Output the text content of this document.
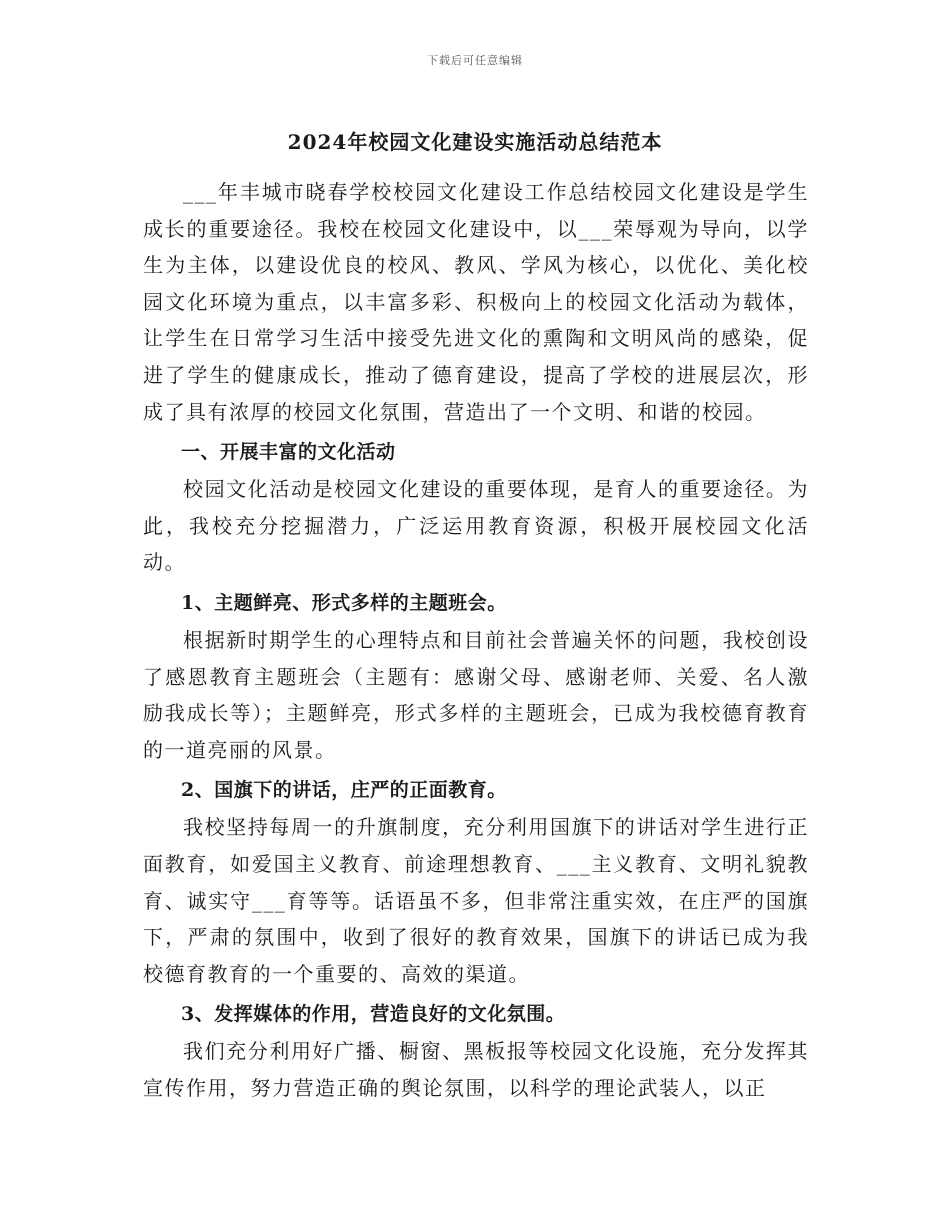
下载后可任意编辑
2024年校园文化建设实施活动总结范本

___年丰城市晓春学校校园文化建设工作总结校园文化建设是学生成长的重要途径。我校在校园文化建设中，以___荣辱观为导向，以学生为主体，以建设优良的校风、教风、学风为核心，以优化、美化校园文化环境为重点，以丰富多彩、积极向上的校园文化活动为载体，让学生在日常学习生活中接受先进文化的熏陶和文明风尚的感染，促进了学生的健康成长，推动了德育建设，提高了学校的进展层次，形成了具有浓厚的校园文化氛围，营造出了一个文明、和谐的校园。

一、开展丰富的文化活动

校园文化活动是校园文化建设的重要体现，是育人的重要途径。为此，我校充分挖掘潜力，广泛运用教育资源，积极开展校园文化活动。

1、主题鲜亮、形式多样的主题班会。

根据新时期学生的心理特点和目前社会普遍关怀的问题，我校创设了感恩教育主题班会（主题有：感谢父母、感谢老师、关爱、名人激励我成长等）；主题鲜亮，形式多样的主题班会，已成为我校德育教育的一道亮丽的风景。

2、国旗下的讲话，庄严的正面教育。

我校坚持每周一的升旗制度，充分利用国旗下的讲话对学生进行正面教育，如爱国主义教育、前途理想教育、___主义教育、文明礼貌教育、诚实守___育等等。话语虽不多，但非常注重实效，在庄严的国旗下，严肃的氛围中，收到了很好的教育效果，国旗下的讲话已成为我校德育教育的一个重要的、高效的渠道。

3、发挥媒体的作用，营造良好的文化氛围。

我们充分利用好广播、橱窗、黑板报等校园文化设施，充分发挥其宣传作用，努力营造正确的舆论氛围，以科学的理论武装人，以正
